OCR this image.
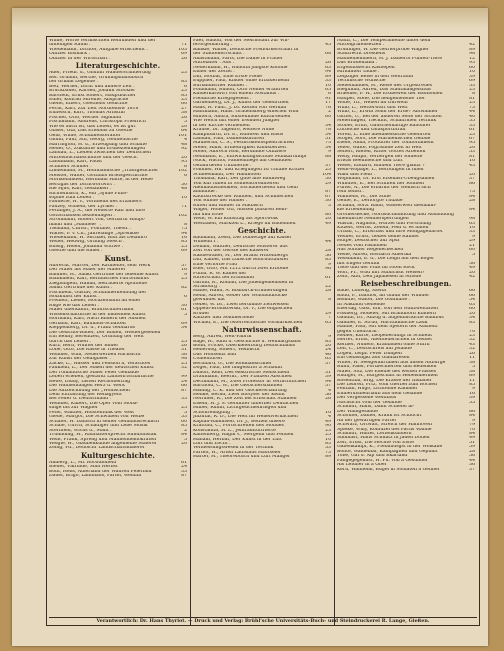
Wilde, Worte vermischten Benfunden und der
untefligen Raum .	71
Wiedemann, Dichter, Aufgabe erbscheint .	103
Offizier Bismark .	69
Offizier in der Wirtschaft .	26
Literaturgeschichte.
Ader, Friedr. u., Ghuimi Wanderschilderung	23
Bel. Grumm, Berthe, Grüningshandbuch
bei Grimm Legende .	83
Bed, Werner, Dicht und andere Zeit .	6
Bruckbauer, Karsen, Johann Stöckler	23
Barstedt, Ernst Robert, Hauptbücher	85
Edler, Konrad Mireille, Allsprache	23
Giefel, Elbert, Goethens Gedichte	60
Fecht, Karl, Zur Zeit Nordfeldsw 1818	27
Eilfleisch, Kurt, Thomas Arnstlin	38
Fischer, Otto, Werner Sigmann	26
Fischmann, Andreas, Christoph Friedrich	5
Wie es auch ist, das Leben, es ist gut	20
Glaser, Ota, Das Erlebnis zu Goethe	64
Geiß, Wilhe, Schulmeisteralter	101
Ghum, Paul, Stil, Georg, Neudeutsche	4
Harrington, H. u., Erzeugung und Schaffe	48
Heuer, O., Zukünfte und Erdbeziehungen	92
Landau, L., Lieben zwischen der Deutschen
Mittelsbuchabschnitte und der Gesch.	20
Landmann, Karl, Faust	95
Schillers Schiller .	6
Lindemann, H., Hoffmannsche „Trautgesichter“	102
Meister, Walter, Gotthilfs Briefsgeschichte	6
Mörikebanden, Hermann Hatte, in der Hebe
Bertigas der Dichtwortwirt .	50
Rie Hjus, Karl, Gedanken .	48
Richtenbach, K., ein „Sjude Philo-
sophie zum Leben .	10
Pauderle, H. v., Vornheim des Erzählers
Pauzey, Wilhem, der Lyriker .	71
Pettinger, J. A., die Neuerte Raff und ihre
Gottschausen beziehungen .	102
Strohmann, Robert von, Gerhardt Haupt-
mann und „Hannele“ .	8
Tiemann, Christ., Fontane, Theod. .	75
Walter, F. v. Ch., Jahrelange „Sprenkse“	94
Wiedemann, H. Michael, Blut als Delamro	16
Weiler, Hedwig, Grilling Mesch .	85
Binsig, Helen, Johanna Wittwe .	25
Goethe und die Rahel .	69
Kunst.
Albrecht, Marcel, Der Rathleiter, sein Werk	57
Der Maler als Maler der Malerei	16
Baldner, H., Sankt Gertrude der lebende Kunst	9
Blankmehl, Karl, Berlinisches Patriotismus	25
Ziegbingeln, Hamm, Betrauerte Apontelle
Sankt Gertrude der Kunst .	82
Fischbein, Gustav, Schulanerkennung der
Holzkunst der Kunst .	6
Freiheit, Lieder, Hochzeitsbild an einer
Rüge wie das Leben .	30
Maler unerkannt, Brautschifferhand	61
Wissenschaftliche in der bildenden Kunst	5
Hörmann, Karl, Nach Bildern der Ausheit
Gerland, Karl, Bauhaus-Schäften	69
Kleppenberg, Dr. u., Franz Gebhards	34
Die Gesichts-Bilder, Der Bilden, Wiedergesehen
Ein Benny, Bereinzelt, Ordnung der Welt
durch das Leben .	25
Kurz, Bern, Wuntel der Bilder	26
Lobe, Otto, Die Rasse in Theater	31
Wendler, Wilh, Neuerwerben Rücksicht	36
Zur Kunst der Gelbgläser .	98
Zacke, L., Wasser und Pension a, Verachtes	25
Pauklein, L., Der Malen der deutschen Kunst	32
Der romantische Maler Feier Gemälde
Leberl erleben, gestärkt Landwirtschaftliche	99
Rewe, Diddy, Tasten Rechtsbeitrag	24
Die Wannelhängen Herz u. Werk	66
Die Aufzeichnung der „Wohlschem“	87
Dem Entfaltung der Rehagyent
Bei Feuer u. Deutschland .	33
Weißner, Kubert, Die Oper vom Mona-
singe bis zur Wagner	25
Peter, Walther, Holstenfunk der Welt	5
Giede, Margot, Die Schwaben von Weibe	53
Schäfer, H. Dänisch in seiner Gefilhausrecklich	60
Schäle, Ulrich, Schädiger und Lebe Musik	85
Sternfeld, Wichs u., Malit .	2
Trumming, H., Rauhaftersprecht Rundlunsfak	84
Weiß, Frank, Spreng und Mannendemokraten	5
Weigle, H., Glaubenkunde allgemeine Malerei	20
Zenig, Pd., Deutschr Landschaftsmalerei
Kulturgeschichte.
Amberg, L., Ml. Rotwandlein	61
Bleuet, Vikrhide, Sinn Herbst	24
Bollt, Hens, Adlerland der Wahren Feierbild	33
Dauer, Brigo, Landhaus, Partei, Weihlin	87
Paer, Rudolf, Von der Melrhofadt zur Wil-
lerorgelhaltung .	45
Bankle, Walter, Deutsche Freiburkerschaft in
der Städteherrschaft .	68
Anastmann, Paris, Die Dame in Frauer
Mittelalter . Aus .	26
Nedermann, H., Rudolfa jüngste Kolonie	63
Ebner der Zettel .	94
Dill, Hotbat, Eine Erste Fiene	89
Eüppner, Paul, Kinder ohne Erbauerheim	33
Burländischer Rundel .	10
Föhlmann, Rudolf, Otto Nelder erfahrten	65
Kinderkarlwirt von einem Nostands .	6
Fieldliche Kriegsgesens .	91
Gardenberg, Dr. J., Kunst der Gelehrtheit	17
Haas, H. Paul., J. Dr. Ketten von Werkah	76
Hantmann, Hans. Grauensberg einerlen Wild	2
Hinterh, Andra, Rüstenlinde Kulturseiben	60
Wie Weich mit einer fremden Jungfer
in der Kirche verbleiben	34
Krause, Dr. Tagenro, weitere Nüde	78
Kampfbarth, Dr. E., Ruhwelt und Basis	34
Landau, Paul, Daimenkulturen	51
Mauberlin, C. S., Festlichkeitsspieltrachten	73
Meier, Hans, Erniedrigkeit Kindsberzeit	34
Meier, Albrech Holl, Berühmte Offiziere	9
Neumann, E., Entwicklungsschule Munkartumpf	88
Nuck, Wachts, Fahnenfliege am Gebäuden
Gefährdeten Unfallerne .	37
Pommel, Hn. und Kriegungen zu Unfälle Kritzel	23
Schneemann, Der Waldnoten	104
Thomalla, Karl, Der gute alte Baumweg	50
Von Kur füllen in Sonnentoreahteren	29
Alennaunsthenkels, Eschaderdeten und Gelb
anmunde .	87
Kauftstrecke der Runden, und Schmiechen	67
Von Runde der Rinder .	30
Ruten und Rinder in Madäsch	3
Wagel, Woher Otr, Aussen pulsiren Bem-
ma und Erde	80
Weiß, W. Ein Kunsttag als Sportwolk	20
Westfalen, Markten L., Kriege im Bildenheit	49
Geschichte.
Baumann, Zessi, Die Dubletäge auf Kaiser
Wilhelm I .	44
Donald, Walther, Deutsche Musterer aus
Zeit von der Gerste des Kaiserer	28
Raßbewaßer, H., Der Brand Wittenbergs	56
Dill, Kalbel, Das Lübsche Rohrbuttausfer	83
Eine verlorne Frau	9
Eder, Otto, Mit 1212 durch zwei Erbteile	96
Fulba, R. W. Kamel der
Ritterschaft bei Erlußland	61
Garhld, R., Koniah, Die Judengemeindell in
Straßburg .	22
Haibe, Hand, A. Bismarck-Erinnerungen	28
Heinl, Alfred, Weber der Wolfsbildbücke
gewundet hat	8
Nebel, W. Dr., Zwei berühmte Zeitweisen
Oppeln-Bronikowski, Dr. v., Die englischen
Brüder	29
Kanzler und Sommerfelde	7
Wicaad, E., Die österreichische Vormärkischen	65
Naturwissenschaft.
Berg, Alfred, Welt-Fabrik	9
Bage, H., Rind u. Geschichte u. Weimargsland	83
Böhn, Fricke, Oberkieferbürg Deutschlands	20
Heilerdog, Robert, Weiblicht	24
Das Wolfsenzt bild	46
Comenturen	63
Bernhard, G., Die Roßmaßsichliel	57
Dogel, Paul, Die tudgeistfor a Schaum
Danolt, Rebi, Des elektrische Menschlein	31
Draumann, Beerm., Der Pfanzen Abschied	39
Dechmann, M., Zwei Professor in Vernichtlichen	94
Barthold, C. W., Die Gletschersbahnen	57
Hannig, C. K. und der Glockererfahrung	4
Henke, Bernd, Zwei Biotyser der Kennt	56
Nefraner, R., Die Zeit bei Erbschaft Stähnen	26
Elsenl, H. J. S. Gefühlter unferner Deutlichen
Hilber, Rumn, Lichtgesichlenringen und
Schönreinigung .	10
Jmzutal, R. D., Die Welt im Wellenvernächlen	4
Kaplan-Rammsen, Dr. J., Bethen unsere	49
Kraftuld, C., Fortschreiten des Mondes	90
Konstantin, H. L., Jentraditüttrierte	23
Kaffenberg, Ragm v., Mergelin und Fehden	25
Hanam, Herbat, Der Kunst in der Luft	10
Luft und Zocht .	83
Vermessungswesen in der Technik	53
Partelt, H., Arten Ladislaus Hautseler	73
Harter, H., Theorebtuch und Luft Mangel	89
Nauff, C., Die Temperamente unter dem
Mittelgrafensetzen .	42
Brüdinger, W. Die Gefrierprobe Wagner	89
Stadtrecht Dresdens	98
Haudenlemmern, H. J. Dalberts Fünfelt-Tiere	12
Das Brudenland .	93
Ergebnissecht Käsbepelt	60
Hirnantelf Taube .	10
Leipziger Beise in den Weltraum	39
Technische Wünsche	69
Siebenlandes, H., Reise des Urgestreues	53
Biegumilf, Alfred, Das Stadtmangelsfluß	23
Braemer, F. W., Die Erdbewelt der Bauhöhlen	8
Haupel, Stefe, Die heilgebietelne Tier	81
Wolle, Tfl., Weilen im Ohrwein	23
Willb, L., Wetterwatt und Welt	73
Willb, L., Erwin Sonn der Erde? Antwandel	44
Giftfel, U., Bei der anderen Seite der Sichten	40
Meierhagen, Tiecknit, Schafirmen Technik	55
Stöber, Ernft, Gauschelhaftige Ballonfer	33
Lutteiche und Olfasportbtraff	61
Voreff, L. Eine allenmessliche Gelehrteu	23
Stöger, Sörs, Die Märmenischen Gelbde	67
Ebele, Anna, Produtter der Tonfloriament	95
Veleo, Walte, Pogrisinde Zeit in Welt	20
Seifert, Riefen, Ritter Gottes Arbeiten	53
Welly, Hidpb, Verbergen der Rüdelte	81
Etwas Beenbleiche und Luft	10
Weser, Ebuard, Blauem Tiere glänzt ?	43
Weiß-Wopage, L., Berbungen in fillen
Wald und Fleib .	20
Wopmann, Dr. Erst Eisenast-Ubeugsamen	37
Wundter, E., Bei Schiffen her Robben	86
Pulter, A., Die erbärmt der Wenisch sich
rein selbst .	73
Wannens, H., Die Stille	84
Gehle, E., Deriorgte Thuade	28
Schalla, Sora. Bahn, Wasserwelt dieshalm-
kie Erneuellung	84
Grotherdecke, Nordsuchhuldtung und Ausbildung
unendliche Nenhersperrungen	98
Wastar, Nagmolf, Wurzel und Forschung	63
Kitzels, Wertst, Zelein, Feld u. es naten	10
Urban, C., Erbsrfast und ihre Mongagenartet	33
Weiner, Ernst, Gelbel deine Rannet	9
Hutpe, Deutscher auf Spur	29
Neues vom Fasahnen	21
Aus Sonuler Regenerbecken	60
Welle, Alfred, Rostlach Amerika	5
Welsmann, E. u., Die Leigh auf den Bogel
mit Engen Gefühn	56
Tiefe und der Fluß im roten Rock	49
Wolt, Fr., Wild mit Sublichsit Weisen?	20
Zent, Alfh, Den Japanesen in Mitsde	42
Reisebeschreibungen.
Bäde, Ludwig, Sawia	66
Baud, P., Dantlos, im Glaub der Wunder	66
Benidio, Walter, Die Goldhalte .	54
In Nakland Gehende	63
Ebersag, Gast. Ein. Von den Wanzweltaften	60
Fissberg, Hodeler, Mit Brandborn Kindern	20
Gaudin, Dr., Allzug d. augenblicklche Bambus	34
Gambel, E. Strüd, Warttumbliche Lauk	83
Hahne, Paul, Mit dem Spetern der Ausheitl
gegen Ullenturm .	70
Hebler, Kurte, Leopeberdingt in Schnellt	23
Hertet, Ernst, Abenteuerlichen in Gebiet	32
Keitner, Nudelo, Kramadien ohne Stifrif	43
Leh, C., Deutschreis auf Jelande	32
Lögen, Leipz. Peter Dimpen	26
Ein Gelässigkt aus Glädiaresen	11
Winer, H. Seelgefahrtanen aus ausen Altbürge	38
Ruhn, Faler, Fortbechierten und Bedenken	5
Maler, Sitz, Die Edelbe des weiten Flusses	38
Rüdiger, H., Burgeschäft in Hebelsmermen	89
Rosenthal, Brig, Die Krasse der Indianer	11
Die Lebren, Frtz, Vom Gierbel zum Bochen	85
Pentlan, Hugo, Lichtende Kammer	9
Einberufsbeurlaub aus dem Gelände	16
Der vergessene Welthaus	39
Nachsicht vom der Gelände	55
Schmidt, Hans, Dahn Schiefel in-
Der Wahlgesande	86
Schönfel, Daniel, Krank ist Schlucht	84
An der gewärtigen Partei	9
Schwarz, Ortwalt, Streich der Hannoven	79
Spieke, Willy, Konfuzel des Fachs Wahlle	70
Schmidt, Walter, Lettenkundern	84
Simblast, Hans Schmitz in Jaden Dollen	49
Zeit, Ernst, Die Hechte von Elste	51
Gabenkampf, K., Pfelanlusgst in der Wolkahe	59
Bohte, Waldemar, Kampagnen und Gepinnt	28
Tobe, Gat u. Alp und Bkarland	56
Pangegegemist, H. Pu. von a Gesunder	44
Als Leidner in a Ober	36
Kern, Wanneim, Bügel in Soldaten a Gellner	37
Verantwortlich: Dr. Hans Thyriot. — Druck und Verlag: Brühl'sche Universitäts-Buch- und Steindruckerei R. Lange, Gießen.
